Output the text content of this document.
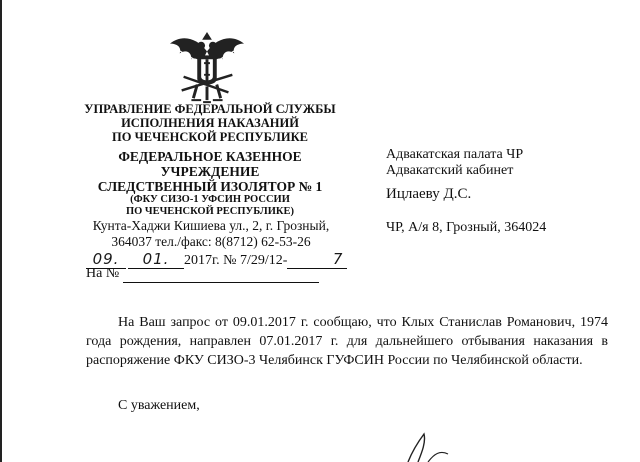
УПРАВЛЕНИЕ ФЕДЕРАЛЬНОЙ СЛУЖБЫ
ИСПОЛНЕНИЯ НАКАЗАНИЙ
ПО ЧЕЧЕНСКОЙ РЕСПУБЛИКЕ
ФЕДЕРАЛЬНОЕ КАЗЕННОЕ
УЧРЕЖДЕНИЕ
СЛЕДСТВЕННЫЙ ИЗОЛЯТОР № 1
(ФКУ СИЗО-1 УФСИН РОССИИ
ПО ЧЕЧЕНСКОЙ РЕСПУБЛИКЕ)
Кунта-Хаджи Кишиева ул., 2, г. Грозный,
364037 тел./факс: 8(8712) 62-53-26
09. 01. 2017г. № 7/29/12-	7
На №
Адвакатская палата ЧР
Адвакатский кабинет
Ицлаеву Д.С.
ЧР, А/я 8, Грозный, 364024

На Ваш запрос от 09.01.2017 г. сообщаю, что Клых Станислав Романович, 1974 года рождения, направлен 07.01.2017 г. для дальнейшего отбывания наказания в распоряжение ФКУ СИЗО-3 Челябинск ГУФСИН России по Челябинской области.

С уважением,
